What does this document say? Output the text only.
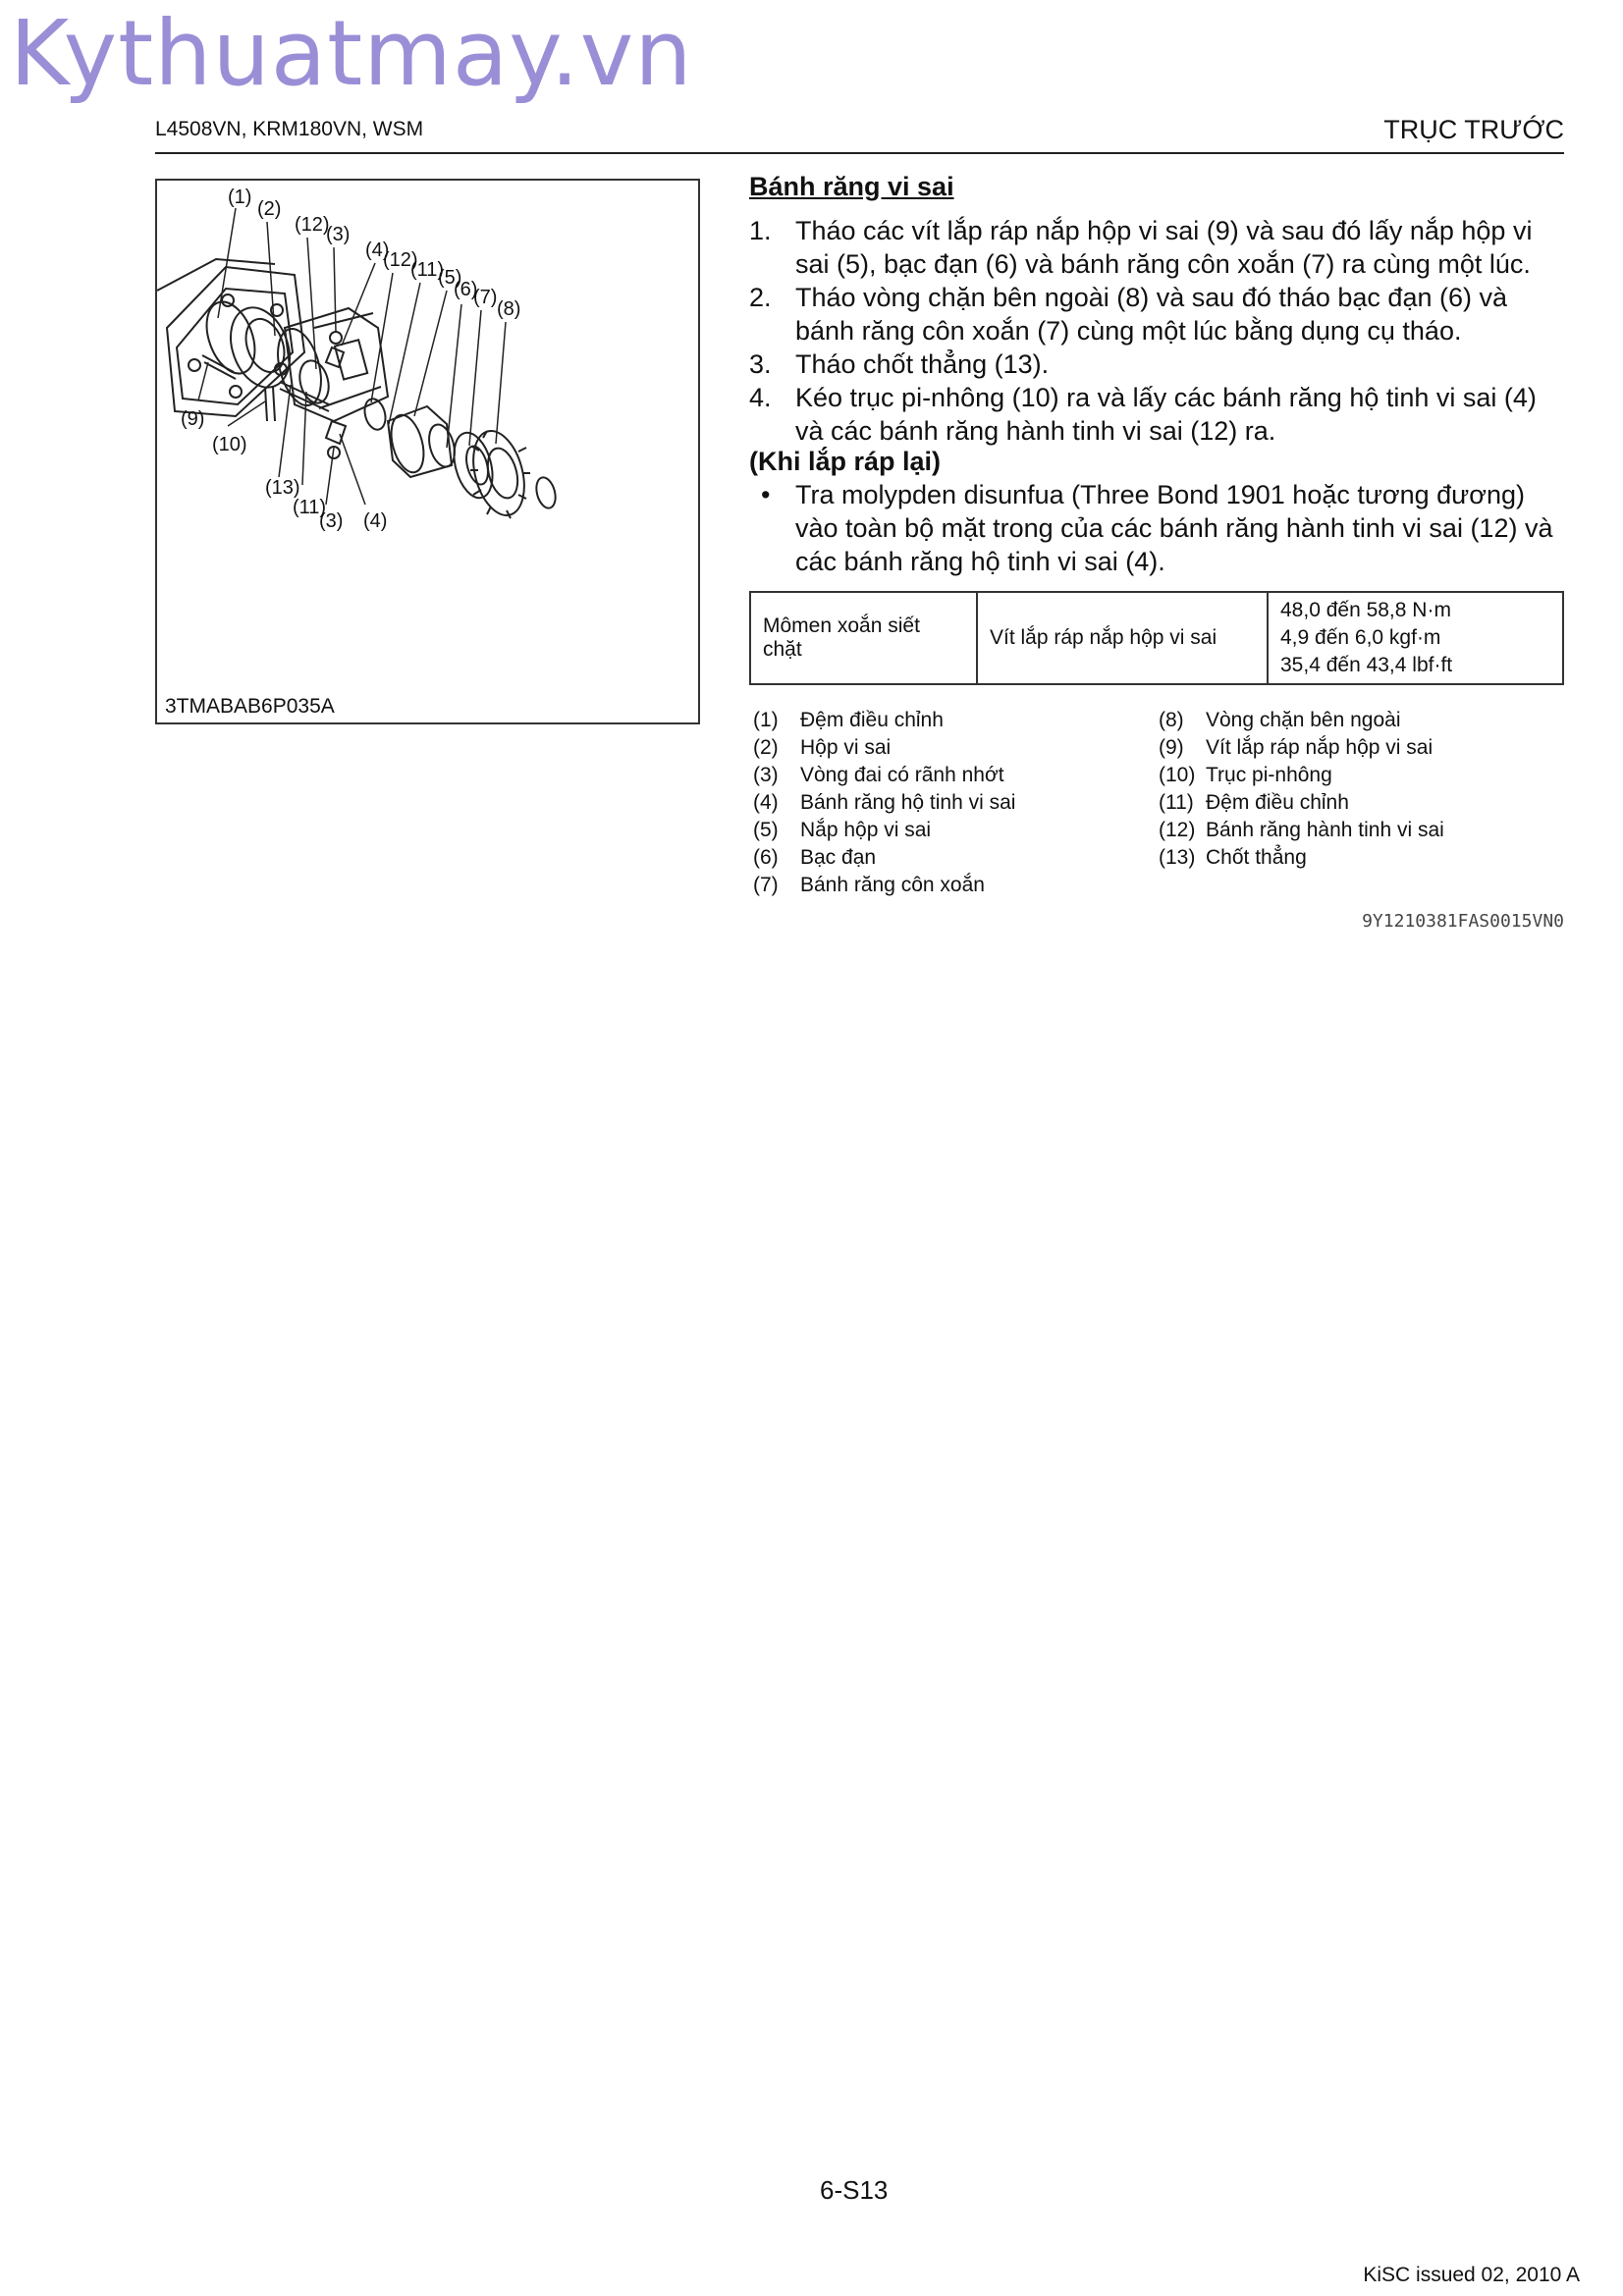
Kythuatmay.vn
L4508VN, KRM180VN, WSM	TRỤC TRƯỚC
(1)
(2)
(12)
(3)
(4)
(12)
(11)
(5)
(6)
(7)
(8)
(9)
(10)
(13)
(11)
(3) (4)
3TMABAB6P035A
Bánh răng vi sai
1. Tháo các vít lắp ráp nắp hộp vi sai (9) và sau đó lấy nắp hộp vi sai (5), bạc đạn (6) và bánh răng côn xoắn (7) ra cùng một lúc.
2. Tháo vòng chặn bên ngoài (8) và sau đó tháo bạc đạn (6) và bánh răng côn xoắn (7) cùng một lúc bằng dụng cụ tháo.
3. Tháo chốt thẳng (13).
4. Kéo trục pi-nhông (10) ra và lấy các bánh răng hộ tinh vi sai (4) và các bánh răng hành tinh vi sai (12) ra.
(Khi lắp ráp lại)
• Tra molypden disunfua (Three Bond 1901 hoặc tương đương) vào toàn bộ mặt trong của các bánh răng hành tinh vi sai (12) và các bánh răng hộ tinh vi sai (4).
Mômen xoắn siết chặt	Vít lắp ráp nắp hộp vi sai	
48,0 đến 58,8 N·m
4,9 đến 6,0 kgf·m
35,4 đến 43,4 lbf·ft
(1) Đệm điều chỉnh
(2) Hộp vi sai
(3) Vòng đai có rãnh nhớt
(4) Bánh răng hộ tinh vi sai
(5) Nắp hộp vi sai
(6) Bạc đạn
(7) Bánh răng côn xoắn
(8) Vòng chặn bên ngoài
(9) Vít lắp ráp nắp hộp vi sai
(10) Trục pi-nhông
(11) Đệm điều chỉnh
(12) Bánh răng hành tinh vi sai
(13) Chốt thẳng
9Y1210381FAS0015VN0
6-S13
KiSC issued 02, 2010 A
